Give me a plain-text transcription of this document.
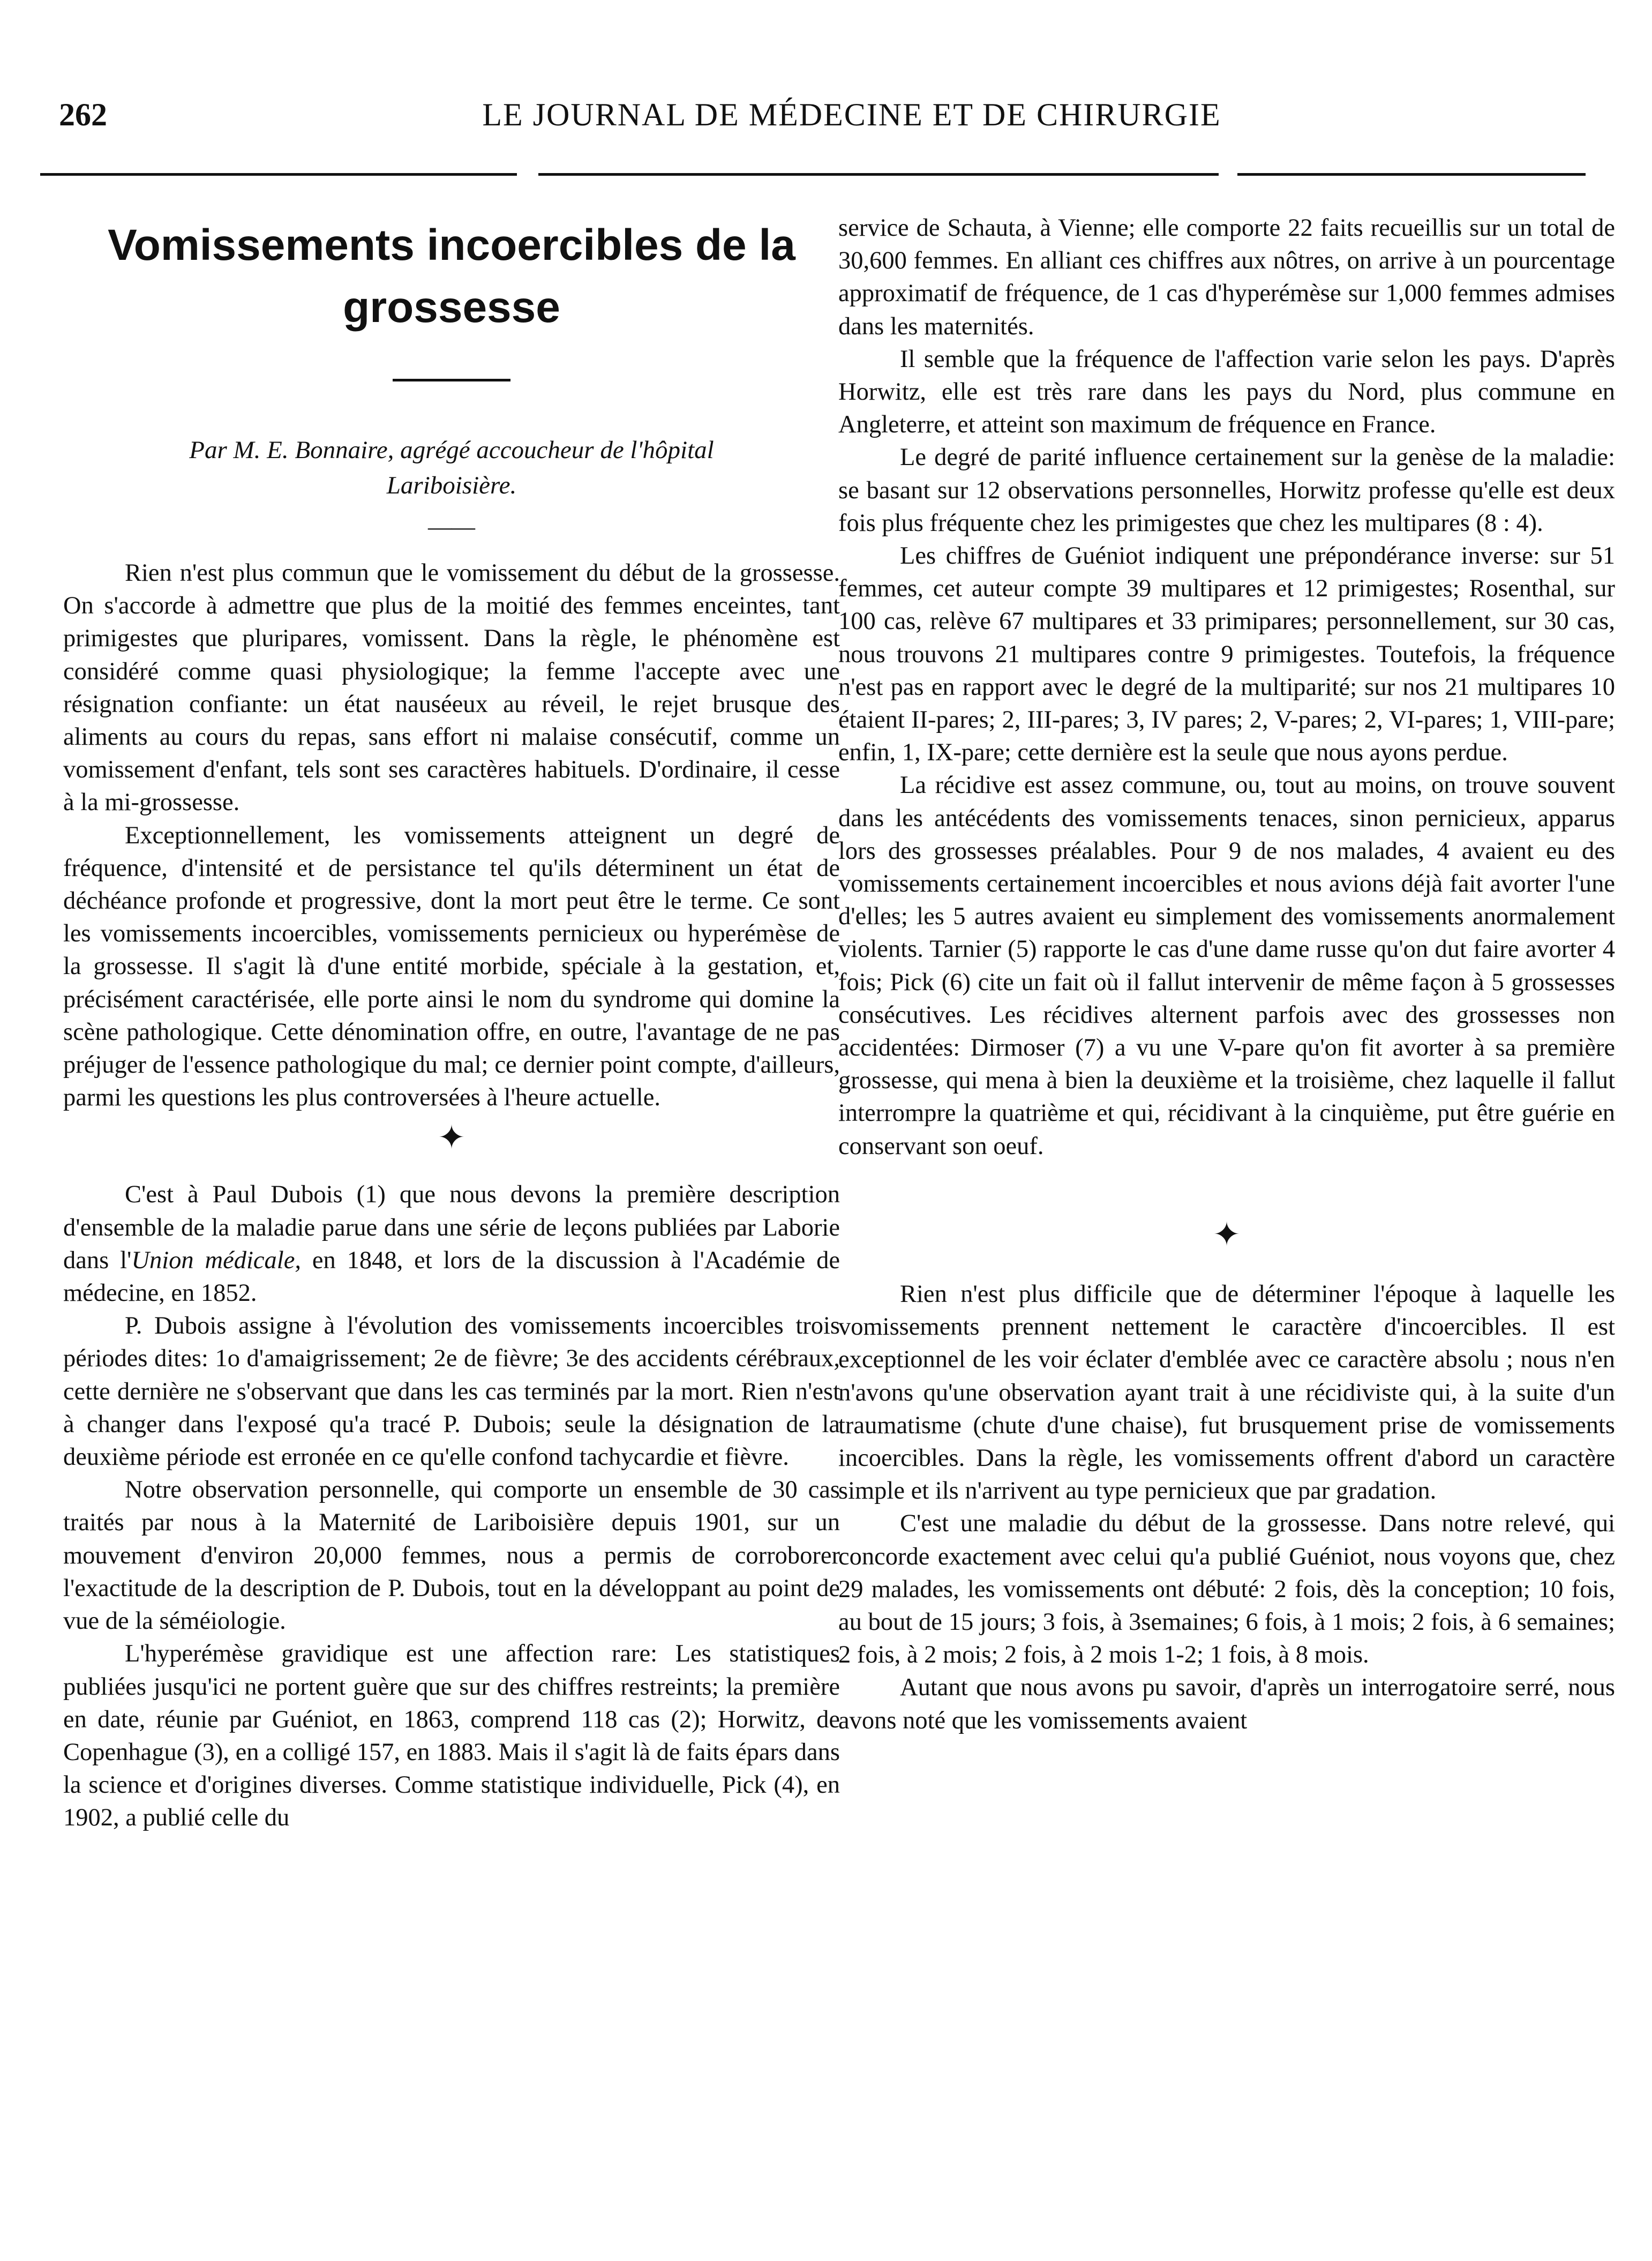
262	LE JOURNAL DE MÉDECINE ET DE CHIRURGIE
Vomissements incoercibles de la grossesse
Par M. E. Bonnaire, agrégé accoucheur de l'hôpital
Lariboisière.
——

Rien n'est plus commun que le vomissement du début de la grossesse. On s'accorde à admettre que plus de la moitié des femmes enceintes, tant primigestes que pluripares, vomissent. Dans la règle, le phénomène est considéré comme quasi physiologique; la femme l'accepte avec une résignation confiante: un état nauséeux au réveil, le rejet brusque des aliments au cours du repas, sans effort ni malaise consécutif, comme un vomissement d'enfant, tels sont ses caractères habituels. D'ordinaire, il cesse à la mi-grossesse.

Exceptionnellement, les vomissements atteignent un degré de fréquence, d'intensité et de persistance tel qu'ils déterminent un état de déchéance profonde et progressive, dont la mort peut être le terme. Ce sont les vomissements incoercibles, vomissements pernicieux ou hyperémèse de la grossesse. Il s'agit là d'une entité morbide, spéciale à la gestation, et, précisément caractérisée, elle porte ainsi le nom du syndrome qui domine la scène pathologique. Cette dénomination offre, en outre, l'avantage de ne pas préjuger de l'essence pathologique du mal; ce dernier point compte, d'ailleurs, parmi les questions les plus controversées à l'heure actuelle.

✦

C'est à Paul Dubois (1) que nous devons la première description d'ensemble de la maladie parue dans une série de leçons publiées par Laborie dans l'Union médicale, en 1848, et lors de la discussion à l'Académie de médecine, en 1852.

P. Dubois assigne à l'évolution des vomissements incoercibles trois périodes dites: 1o d'amaigrissement; 2e de fièvre; 3e des accidents cérébraux, cette dernière ne s'observant que dans les cas terminés par la mort. Rien n'est à changer dans l'exposé qu'a tracé P. Dubois; seule la désignation de la deuxième période est erronée en ce qu'elle confond tachycardie et fièvre.

Notre observation personnelle, qui comporte un ensemble de 30 cas traités par nous à la Maternité de Lariboisière depuis 1901, sur un mouvement d'environ 20,000 femmes, nous a permis de corroborer l'exactitude de la description de P. Dubois, tout en la développant au point de vue de la séméiologie.

L'hyperémèse gravidique est une affection rare: Les statistiques publiées jusqu'ici ne portent guère que sur des chiffres restreints; la première en date, réunie par Guéniot, en 1863, comprend 118 cas (2); Horwitz, de Copenhague (3), en a colligé 157, en 1883. Mais il s'agit là de faits épars dans la science et d'origines diverses. Comme statistique individuelle, Pick (4), en 1902, a publié celle du

service de Schauta, à Vienne; elle comporte 22 faits recueillis sur un total de 30,600 femmes. En alliant ces chiffres aux nôtres, on arrive à un pourcentage approximatif de fréquence, de 1 cas d'hyperémèse sur 1,000 femmes admises dans les maternités.

Il semble que la fréquence de l'affection varie selon les pays. D'après Horwitz, elle est très rare dans les pays du Nord, plus commune en Angleterre, et atteint son maximum de fréquence en France.

Le degré de parité influence certainement sur la genèse de la maladie: se basant sur 12 observations personnelles, Horwitz professe qu'elle est deux fois plus fréquente chez les primigestes que chez les multipares (8 : 4).

Les chiffres de Guéniot indiquent une prépondérance inverse: sur 51 femmes, cet auteur compte 39 multipares et 12 primigestes; Rosenthal, sur 100 cas, relève 67 multipares et 33 primipares; personnellement, sur 30 cas, nous trouvons 21 multipares contre 9 primigestes. Toutefois, la fréquence n'est pas en rapport avec le degré de la multiparité; sur nos 21 multipares 10 étaient II-pares; 2, III-pares; 3, IV pares; 2, V-pares; 2, VI-pares; 1, VIII-pare; enfin, 1, IX-pare; cette dernière est la seule que nous ayons perdue.

La récidive est assez commune, ou, tout au moins, on trouve souvent dans les antécédents des vomissements tenaces, sinon pernicieux, apparus lors des grossesses préalables. Pour 9 de nos malades, 4 avaient eu des vomissements certainement incoercibles et nous avions déjà fait avorter l'une d'elles; les 5 autres avaient eu simplement des vomissements anormalement violents. Tarnier (5) rapporte le cas d'une dame russe qu'on dut faire avorter 4 fois; Pick (6) cite un fait où il fallut intervenir de même façon à 5 grossesses consécutives. Les récidives alternent parfois avec des grossesses non accidentées: Dirmoser (7) a vu une V-pare qu'on fit avorter à sa première grossesse, qui mena à bien la deuxième et la troisième, chez laquelle il fallut interrompre la quatrième et qui, récidivant à la cinquième, put être guérie en conservant son oeuf.

✦

Rien n'est plus difficile que de déterminer l'époque à laquelle les vomissements prennent nettement le caractère d'incoercibles. Il est exceptionnel de les voir éclater d'emblée avec ce caractère absolu ; nous n'en n'avons qu'une observation ayant trait à une récidiviste qui, à la suite d'un traumatisme (chute d'une chaise), fut brusquement prise de vomissements incoercibles. Dans la règle, les vomissements offrent d'abord un caractère simple et ils n'arrivent au type pernicieux que par gradation.

C'est une maladie du début de la grossesse. Dans notre relevé, qui concorde exactement avec celui qu'a publié Guéniot, nous voyons que, chez 29 malades, les vomissements ont débuté: 2 fois, dès la conception; 10 fois, au bout de 15 jours; 3 fois, à 3semaines; 6 fois, à 1 mois; 2 fois, à 6 semaines; 2 fois, à 2 mois; 2 fois, à 2 mois 1-2; 1 fois, à 8 mois.

Autant que nous avons pu savoir, d'après un interrogatoire serré, nous avons noté que les vomissements avaient
